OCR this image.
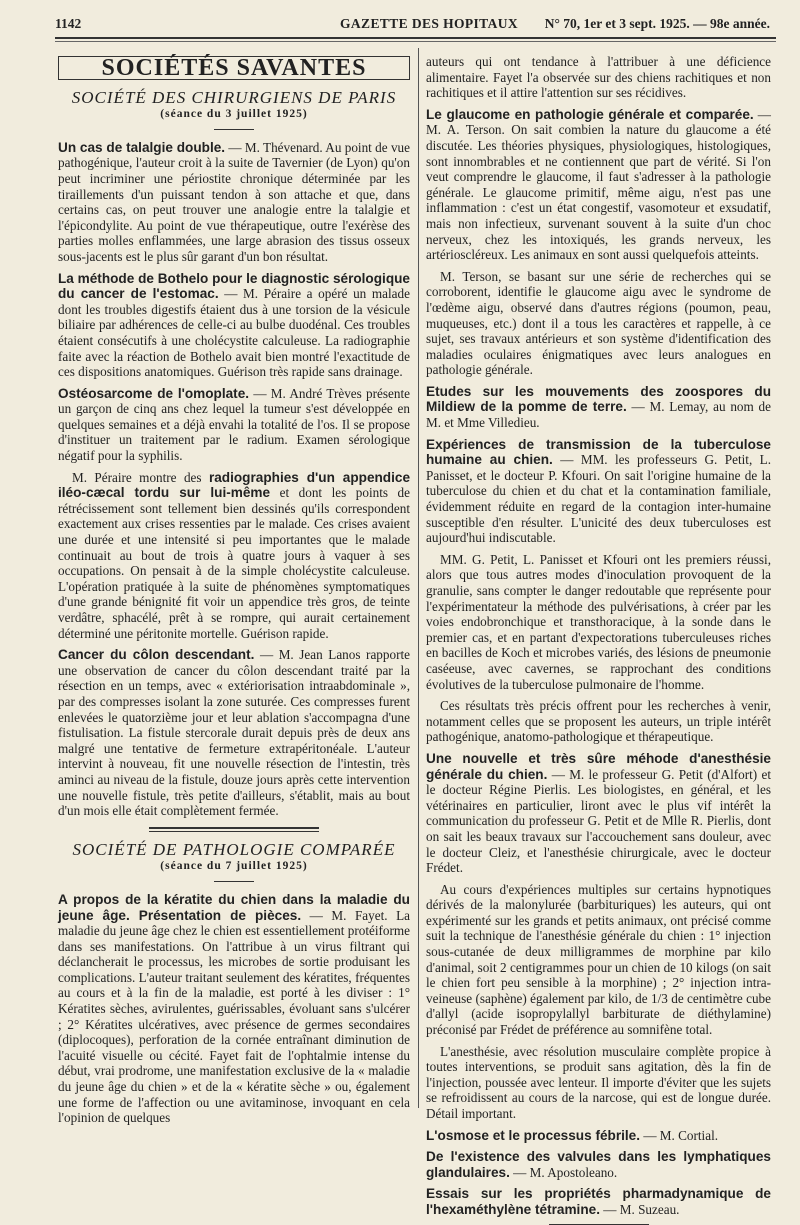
1142	GAZETTE DES HOPITAUX N° 70, 1er et 3 sept. 1925. — 98e année.
SOCIÉTÉS SAVANTES
SOCIÉTÉ DES CHIRURGIENS DE PARIS
(séance du 3 juillet 1925)

Un cas de talalgie double. — M. Thévenard. Au point de vue pathogénique, l'auteur croit à la suite de Tavernier (de Lyon) qu'on peut incriminer une périostite chronique déterminée par les tiraillements d'un puissant tendon à son attache et que, dans certains cas, on peut trouver une analogie entre la talalgie et l'épicondylite. Au point de vue thérapeutique, outre l'exérèse des parties molles enflammées, une large abrasion des tissus osseux sous-jacents est le plus sûr garant d'un bon résultat.

La méthode de Bothelo pour le diagnostic sérologique du cancer de l'estomac. — M. Péraire a opéré un malade dont les troubles digestifs étaient dus à une torsion de la vésicule biliaire par adhérences de celle-ci au bulbe duodénal. Ces troubles étaient consécutifs à une cholécystite calculeuse. La radiographie faite avec la réaction de Bothelo avait bien montré l'exactitude de ces dispositions anatomiques. Guérison très rapide sans drainage.

Ostéosarcome de l'omoplate. — M. André Trèves présente un garçon de cinq ans chez lequel la tumeur s'est développée en quelques semaines et a déjà envahi la totalité de l'os. Il se propose d'instituer un traitement par le radium. Examen sérologique négatif pour la syphilis.

M. Péraire montre des radiographies d'un appendice iléo-cæcal tordu sur lui-même et dont les points de rétrécissement sont tellement bien dessinés qu'ils correspondent exactement aux crises ressenties par le malade. Ces crises avaient une durée et une intensité si peu importantes que le malade continuait au bout de trois à quatre jours à vaquer à ses occupations. On pensait à de la simple cholécystite calculeuse. L'opération pratiquée à la suite de phénomènes symptomatiques d'une grande bénignité fit voir un appendice très gros, de teinte verdâtre, sphacélé, prêt à se rompre, qui aurait certainement déterminé une péritonite mortelle. Guérison rapide.

Cancer du côlon descendant. — M. Jean Lanos rapporte une observation de cancer du côlon descendant traité par la résection en un temps, avec « extériorisation intraabdominale », par des compresses isolant la zone suturée. Ces compresses furent enlevées le quatorzième jour et leur ablation s'accompagna d'une fistulisation. La fistule stercorale durait depuis près de deux ans malgré une tentative de fermeture extrapéritonéale. L'auteur intervint à nouveau, fit une nouvelle résection de l'intestin, très aminci au niveau de la fistule, douze jours après cette intervention une nouvelle fistule, très petite d'ailleurs, s'établit, mais au bout d'un mois elle était complètement fermée.

SOCIÉTÉ DE PATHOLOGIE COMPARÉE
(séance du 7 juillet 1925)

A propos de la kératite du chien dans la maladie du jeune âge. Présentation de pièces. — M. Fayet. La maladie du jeune âge chez le chien est essentiellement protéiforme dans ses manifestations. On l'attribue à un virus filtrant qui déclancherait le processus, les microbes de sortie produisant les complications. L'auteur traitant seulement des kératites, fréquentes au cours et à la fin de la maladie, est porté à les diviser : 1° Kératites sèches, avirulentes, guérissables, évoluant sans s'ulcérer ; 2° Kératites ulcératives, avec présence de germes secondaires (diplocoques), perforation de la cornée entraînant diminution de l'acuité visuelle ou cécité. Fayet fait de l'ophtalmie intense du début, vrai prodrome, une manifestation exclusive de la « maladie du jeune âge du chien » et de la « kératite sèche » ou, également une forme de l'affection ou une avitaminose, invoquant en cela l'opinion de quelques

auteurs qui ont tendance à l'attribuer à une déficience alimentaire. Fayet l'a observée sur des chiens rachitiques et non rachitiques et il attire l'attention sur ses récidives.

Le glaucome en pathologie générale et comparée. — M. A. Terson. On sait combien la nature du glaucome a été discutée. Les théories physiques, physiologiques, histologiques, sont innombrables et ne contiennent que part de vérité. Si l'on veut comprendre le glaucome, il faut s'adresser à la pathologie générale. Le glaucome primitif, même aigu, n'est pas une inflammation : c'est un état congestif, vasomoteur et exsudatif, mais non infectieux, survenant souvent à la suite d'un choc nerveux, chez les intoxiqués, les grands nerveux, les artérioscléreux. Les animaux en sont aussi quelquefois atteints.

M. Terson, se basant sur une série de recherches qui se corroborent, identifie le glaucome aigu avec le syndrome de l'œdème aigu, observé dans d'autres régions (poumon, peau, muqueuses, etc.) dont il a tous les caractères et rappelle, à ce sujet, ses travaux antérieurs et son système d'identification des maladies oculaires énigmatiques avec leurs analogues en pathologie générale.

Etudes sur les mouvements des zoospores du Mildiew de la pomme de terre. — M. Lemay, au nom de M. et Mme Villedieu.

Expériences de transmission de la tuberculose humaine au chien. — MM. les professeurs G. Petit, L. Panisset, et le docteur P. Kfouri. On sait l'origine humaine de la tuberculose du chien et du chat et la contamination familiale, évidemment réduite en regard de la contagion inter-humaine susceptible d'en résulter. L'unicité des deux tuberculoses est aujourd'hui indiscutable.

MM. G. Petit, L. Panisset et Kfouri ont les premiers réussi, alors que tous autres modes d'inoculation provoquent de la granulie, sans compter le danger redoutable que représente pour l'expérimentateur la méthode des pulvérisations, à créer par les voies endobronchique et transthoracique, à la sonde dans le premier cas, et en partant d'expectorations tuberculeuses riches en bacilles de Koch et microbes variés, des lésions de pneumonie caséeuse, avec cavernes, se rapprochant des conditions évolutives de la tuberculose pulmonaire de l'homme.

Ces résultats très précis offrent pour les recherches à venir, notamment celles que se proposent les auteurs, un triple intérêt pathogénique, anatomo-pathologique et thérapeutique.

Une nouvelle et très sûre méhode d'anesthésie générale du chien. — M. le professeur G. Petit (d'Alfort) et le docteur Régine Pierlis. Les biologistes, en général, et les vétérinaires en particulier, liront avec le plus vif intérêt la communication du professeur G. Petit et de Mlle R. Pierlis, dont on sait les beaux travaux sur l'accouchement sans douleur, avec le docteur Cleiz, et l'anesthésie chirurgicale, avec le docteur Frédet.

Au cours d'expériences multiples sur certains hypnotiques dérivés de la malonylurée (barbituriques) les auteurs, qui ont expérimenté sur les grands et petits animaux, ont précisé comme suit la technique de l'anesthésie générale du chien : 1° injection sous-cutanée de deux milligrammes de morphine par kilo d'animal, soit 2 centigrammes pour un chien de 10 kilogs (on sait le chien fort peu sensible à la morphine) ; 2° injection intra-veineuse (saphène) également par kilo, de 1/3 de centimètre cube d'allyl (acide isopropylallyl barbiturate de diéthylamine) préconisé par Frédet de préférence au somnifène total.

L'anesthésie, avec résolution musculaire complète propice à toutes interventions, se produit sans agitation, dès la fin de l'injection, poussée avec lenteur. Il importe d'éviter que les sujets se refroidissent au cours de la narcose, qui est de longue durée. Détail important.

L'osmose et le processus fébrile. — M. Cortial.

De l'existence des valvules dans les lymphatiques glandulaires. — M. Apostoleano.

Essais sur les propriétés pharmadynamique de l'hexaméthylène tétramine. — M. Suzeau.
